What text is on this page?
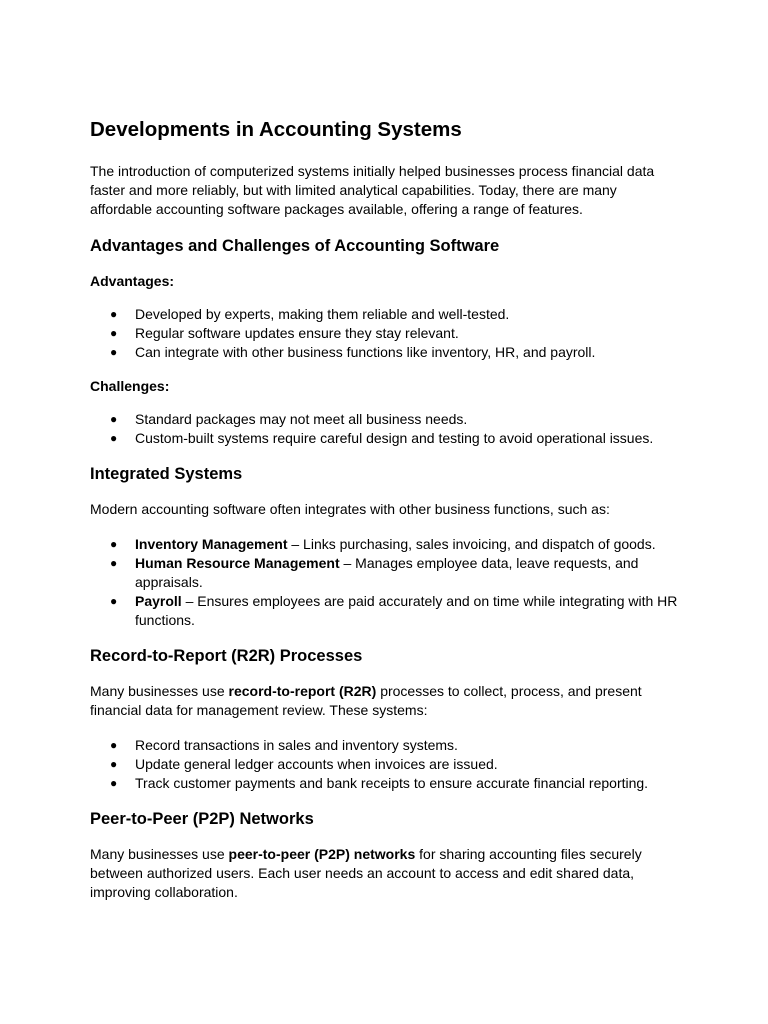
Developments in Accounting Systems

The introduction of computerized systems initially helped businesses process financial data faster and more reliably, but with limited analytical capabilities. Today, there are many affordable accounting software packages available, offering a range of features.

Advantages and Challenges of Accounting Software

Advantages:

● Developed by experts, making them reliable and well-tested.
● Regular software updates ensure they stay relevant.
● Can integrate with other business functions like inventory, HR, and payroll.

Challenges:

● Standard packages may not meet all business needs.
● Custom-built systems require careful design and testing to avoid operational issues.
Integrated Systems

Modern accounting software often integrates with other business functions, such as:

● Inventory Management – Links purchasing, sales invoicing, and dispatch of goods.
● Human Resource Management – Manages employee data, leave requests, and appraisals.
● Payroll – Ensures employees are paid accurately and on time while integrating with HR functions.
Record-to-Report (R2R) Processes

Many businesses use record-to-report (R2R) processes to collect, process, and present financial data for management review. These systems:

● Record transactions in sales and inventory systems.
● Update general ledger accounts when invoices are issued.
● Track customer payments and bank receipts to ensure accurate financial reporting.
Peer-to-Peer (P2P) Networks

Many businesses use peer-to-peer (P2P) networks for sharing accounting files securely between authorized users. Each user needs an account to access and edit shared data, improving collaboration.
